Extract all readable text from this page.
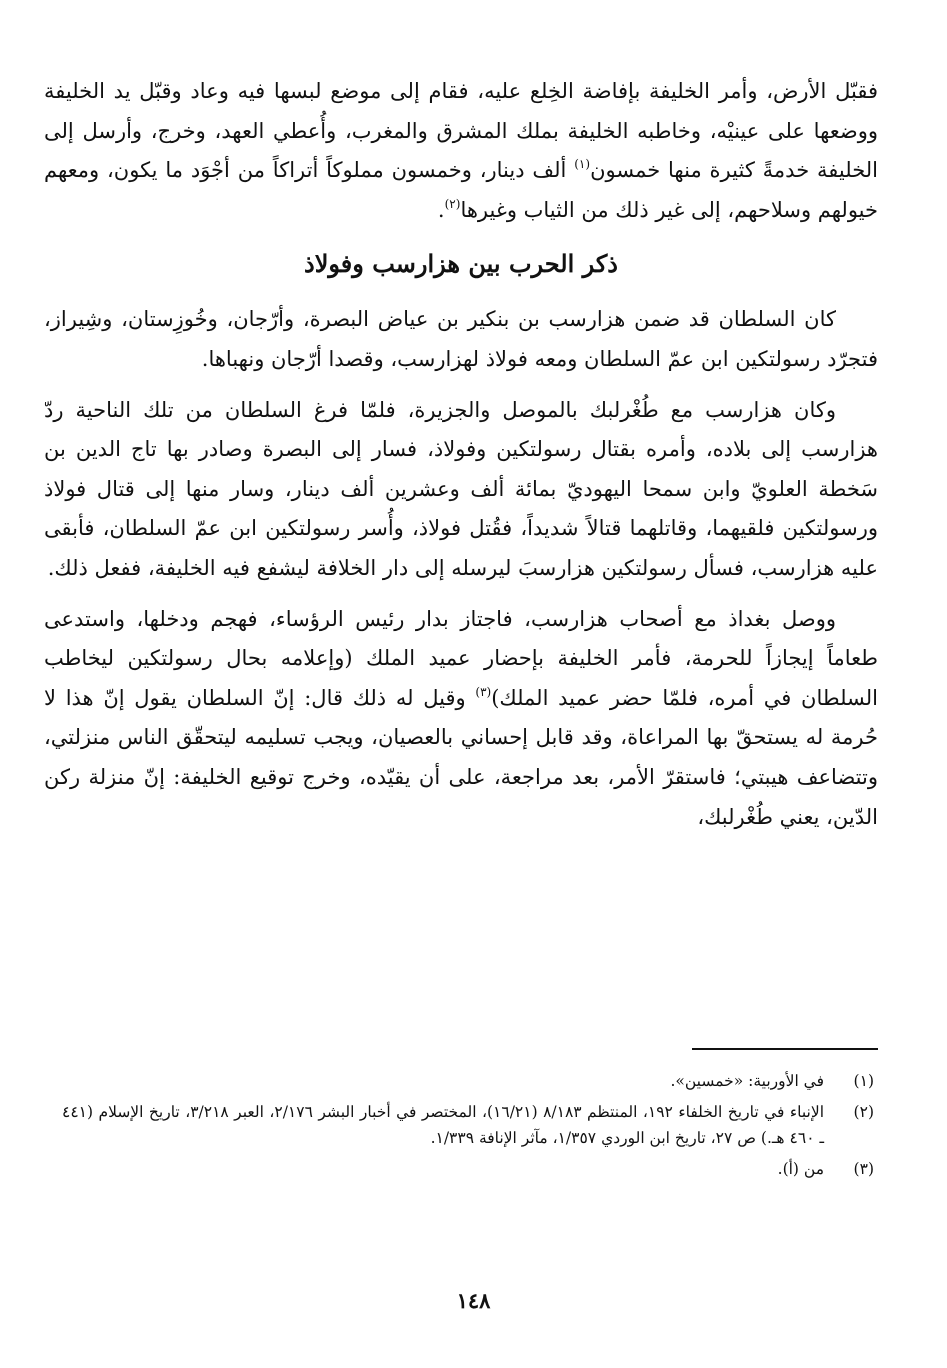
فقبّل الأرض، وأمر الخليفة بإفاضة الخِلع عليه، فقام إلى موضع لبسها فيه وعاد وقبّل يد الخليفة ووضعها على عينيْه، وخاطبه الخليفة بملك المشرق والمغرب، وأُعطي العهد، وخرج، وأرسل إلى الخليفة خدمةً كثيرة منها خمسون$^{(١)}$ ألف دينار، وخمسون مملوكاً أتراكاً من أجْوَد ما يكون، ومعهم خيولهم وسلاحهم، إلى غير ذلك من الثياب وغيرها$^{(٢)}$.

ذكر الحرب بين هزارسب وفولاذ

كان السلطان قد ضمن هزارسب بن بنكير بن عياض البصرة، وأرّجان، وخُوزِستان، وشِيراز، فتجرّد رسولتكين ابن عمّ السلطان ومعه فولاذ لهزارسب، وقصدا أرّجان ونهباها.

وكان هزارسب مع طُغْرلبك بالموصل والجزيرة، فلمّا فرغ السلطان من تلك الناحية ردّ هزارسب إلى بلاده، وأمره بقتال رسولتكين وفولاذ، فسار إلى البصرة وصادر بها تاج الدين بن سَخطة العلويّ وابن سمحا اليهوديّ بمائة ألف وعشرين ألف دينار، وسار منها إلى قتال فولاذ ورسولتكين فلقيهما، وقاتلهما قتالاً شديداً، فقُتل فولاذ، وأُسر رسولتكين ابن عمّ السلطان، فأبقى عليه هزارسب، فسأل رسولتكين هزارسبَ ليرسله إلى دار الخلافة ليشفع فيه الخليفة، ففعل ذلك.

ووصل بغداذ مع أصحاب هزارسب، فاجتاز بدار رئيس الرؤساء، فهجم ودخلها، واستدعى طعاماً إيجازاً للحرمة، فأمر الخليفة بإحضار عميد الملك (وإعلامه بحال رسولتكين ليخاطب السلطان في أمره، فلمّا حضر عميد الملك)$^{(٣)}$ وقيل له ذلك قال: إنّ السلطان يقول إنّ هذا لا حُرمة له يستحقّ بها المراعاة، وقد قابل إحساني بالعصيان، ويجب تسليمه ليتحقّق الناس منزلتي، وتتضاعف هيبتي؛ فاستقرّ الأمر، بعد مراجعة، على أن يقيّده، وخرج توقيع الخليفة: إنّ منزلة ركن الدّين، يعني طُغْرلبك،

(١)
في الأوربية: «خمسين».
(٢)
الإنباء في تاريخ الخلفاء ١٩٢، المنتظم ٨/١٨٣ (١٦/٢١)، المختصر في أخبار البشر ٢/١٧٦، العبر ٣/٢١٨، تاريخ الإسلام (٤٤١ ـ ٤٦٠ هـ.) ص ٢٧، تاريخ ابن الوردي ١/٣٥٧، مآثر الإنافة ١/٣٣٩.
(٣)
من (أ).
١٤٨
